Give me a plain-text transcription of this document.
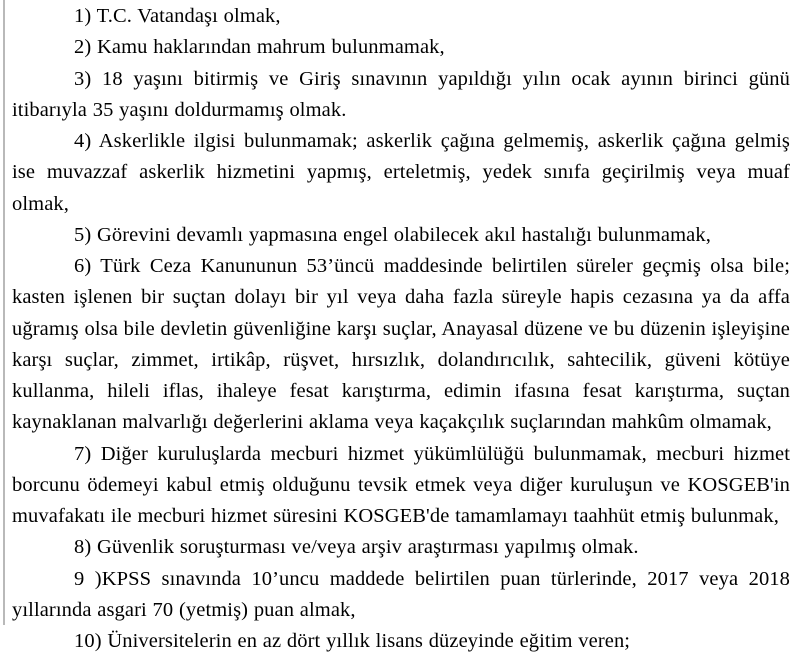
1) T.C. Vatandaşı olmak,

2) Kamu haklarından mahrum bulunmamak,

3) 18 yaşını bitirmiş ve Giriş sınavının yapıldığı yılın ocak ayının birinci günü itibarıyla 35 yaşını doldurmamış olmak.

4) Askerlikle ilgisi bulunmamak; askerlik çağına gelmemiş, askerlik çağına gelmiş ise muvazzaf askerlik hizmetini yapmış, erteletmiş, yedek sınıfa geçirilmiş veya muaf olmak,

5) Görevini devamlı yapmasına engel olabilecek akıl hastalığı bulunmamak,

6) Türk Ceza Kanununun 53’üncü maddesinde belirtilen süreler geçmiş olsa bile; kasten işlenen bir suçtan dolayı bir yıl veya daha fazla süreyle hapis cezasına ya da affa uğramış olsa bile devletin güvenliğine karşı suçlar, Anayasal düzene ve bu düzenin işleyişine karşı suçlar, zimmet, irtikâp, rüşvet, hırsızlık, dolandırıcılık, sahtecilik, güveni kötüye kullanma, hileli iflas, ihaleye fesat karıştırma, edimin ifasına fesat karıştırma, suçtan kaynaklanan malvarlığı değerlerini aklama veya kaçakçılık suçlarından mahkûm olmamak,

7) Diğer kuruluşlarda mecburi hizmet yükümlülüğü bulunmamak, mecburi hizmet borcunu ödemeyi kabul etmiş olduğunu tevsik etmek veya diğer kuruluşun ve KOSGEB'in muvafakatı ile mecburi hizmet süresini KOSGEB'de tamamlamayı taahhüt etmiş bulunmak,

8) Güvenlik soruşturması ve/veya arşiv araştırması yapılmış olmak.

9 )KPSS sınavında 10’uncu maddede belirtilen puan türlerinde, 2017 veya 2018 yıllarında asgari 70 (yetmiş) puan almak,

10) Üniversitelerin en az dört yıllık lisans düzeyinde eğitim veren;
